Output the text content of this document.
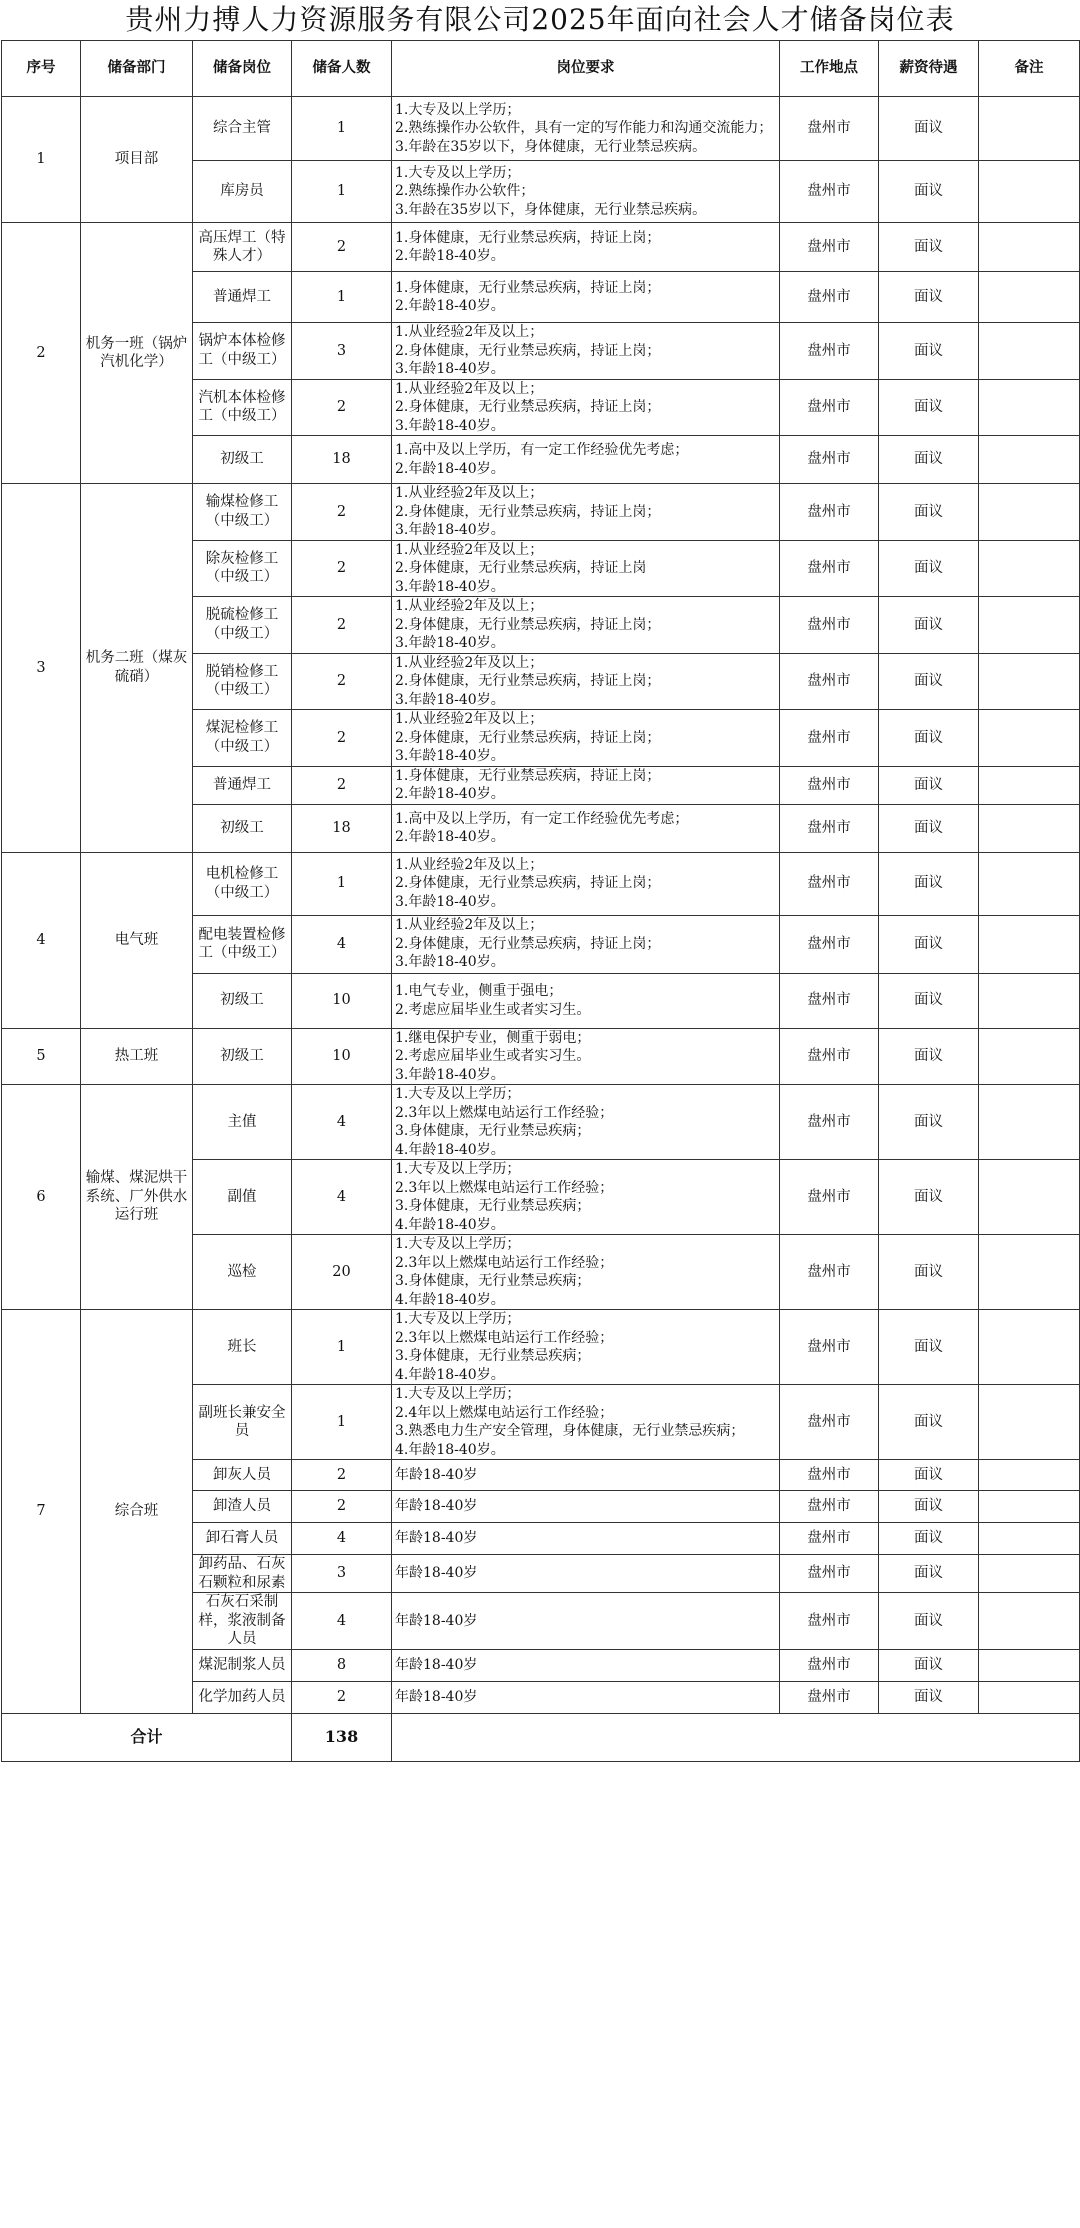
贵州力搏人力资源服务有限公司2025年面向社会人才储备岗位表
序号	储备部门	储备岗位	储备人数	岗位要求	工作地点	薪资待遇	备注
1	项目部	综合主管	1	1.大专及以上学历；
2.熟练操作办公软件，具有一定的写作能力和沟通交流能力；
3.年龄在35岁以下，身体健康，无行业禁忌疾病。	盘州市	面议	
		库房员	1	1.大专及以上学历；
2.熟练操作办公软件；
3.年龄在35岁以下，身体健康，无行业禁忌疾病。	盘州市	面议	
2	机务一班（锅炉汽机化学）	高压焊工（特殊人才）	2	1.身体健康，无行业禁忌疾病，持证上岗；
2.年龄18-40岁。	盘州市	面议	
		普通焊工	1	1.身体健康，无行业禁忌疾病，持证上岗；
2.年龄18-40岁。	盘州市	面议	
		锅炉本体检修工（中级工）	3	1.从业经验2年及以上；
2.身体健康，无行业禁忌疾病，持证上岗；
3.年龄18-40岁。	盘州市	面议	
		汽机本体检修工（中级工）	2	1.从业经验2年及以上；
2.身体健康，无行业禁忌疾病，持证上岗；
3.年龄18-40岁。	盘州市	面议	
		初级工	18	1.高中及以上学历，有一定工作经验优先考虑；
2.年龄18-40岁。	盘州市	面议	
3	机务二班（煤灰硫硝）	输煤检修工（中级工）	2	1.从业经验2年及以上；
2.身体健康，无行业禁忌疾病，持证上岗；
3.年龄18-40岁。	盘州市	面议	
		除灰检修工（中级工）	2	1.从业经验2年及以上；
2.身体健康，无行业禁忌疾病，持证上岗
3.年龄18-40岁。	盘州市	面议	
		脱硫检修工（中级工）	2	1.从业经验2年及以上；
2.身体健康，无行业禁忌疾病，持证上岗；
3.年龄18-40岁。	盘州市	面议	
		脱销检修工（中级工）	2	1.从业经验2年及以上；
2.身体健康，无行业禁忌疾病，持证上岗；
3.年龄18-40岁。	盘州市	面议	
		煤泥检修工（中级工）	2	1.从业经验2年及以上；
2.身体健康，无行业禁忌疾病，持证上岗；
3.年龄18-40岁。	盘州市	面议	
		普通焊工	2	1.身体健康，无行业禁忌疾病，持证上岗；
2.年龄18-40岁。	盘州市	面议	
		初级工	18	1.高中及以上学历，有一定工作经验优先考虑；
2.年龄18-40岁。	盘州市	面议	
4	电气班	电机检修工（中级工）	1	1.从业经验2年及以上；
2.身体健康，无行业禁忌疾病，持证上岗；
3.年龄18-40岁。	盘州市	面议	
		配电装置检修工（中级工）	4	1.从业经验2年及以上；
2.身体健康，无行业禁忌疾病，持证上岗；
3.年龄18-40岁。	盘州市	面议	
		初级工	10	1.电气专业，侧重于强电；
2.考虑应届毕业生或者实习生。	盘州市	面议	
5	热工班	初级工	10	1.继电保护专业，侧重于弱电；
2.考虑应届毕业生或者实习生。
3.年龄18-40岁。	盘州市	面议	
6	输煤、煤泥烘干系统、厂外供水运行班	主值	4	1.大专及以上学历；
2.3年以上燃煤电站运行工作经验；
3.身体健康，无行业禁忌疾病；
4.年龄18-40岁。	盘州市	面议	
		副值	4	1.大专及以上学历；
2.3年以上燃煤电站运行工作经验；
3.身体健康，无行业禁忌疾病；
4.年龄18-40岁。	盘州市	面议	
		巡检	20	1.大专及以上学历；
2.3年以上燃煤电站运行工作经验；
3.身体健康，无行业禁忌疾病；
4.年龄18-40岁。	盘州市	面议	
7	综合班	班长	1	1.大专及以上学历；
2.3年以上燃煤电站运行工作经验；
3.身体健康，无行业禁忌疾病；
4.年龄18-40岁。	盘州市	面议	
		副班长兼安全员	1	1.大专及以上学历；
2.4年以上燃煤电站运行工作经验；
3.熟悉电力生产安全管理，身体健康，无行业禁忌疾病；
4.年龄18-40岁。	盘州市	面议	
		卸灰人员	2	年龄18-40岁	盘州市	面议	
		卸渣人员	2	年龄18-40岁	盘州市	面议	
		卸石膏人员	4	年龄18-40岁	盘州市	面议	
		卸药品、石灰石颗粒和尿素	3	年龄18-40岁	盘州市	面议	
		石灰石采制样，浆液制备人员	4	年龄18-40岁	盘州市	面议	
		煤泥制浆人员	8	年龄18-40岁	盘州市	面议	
		化学加药人员	2	年龄18-40岁	盘州市	面议	
合计			138				
